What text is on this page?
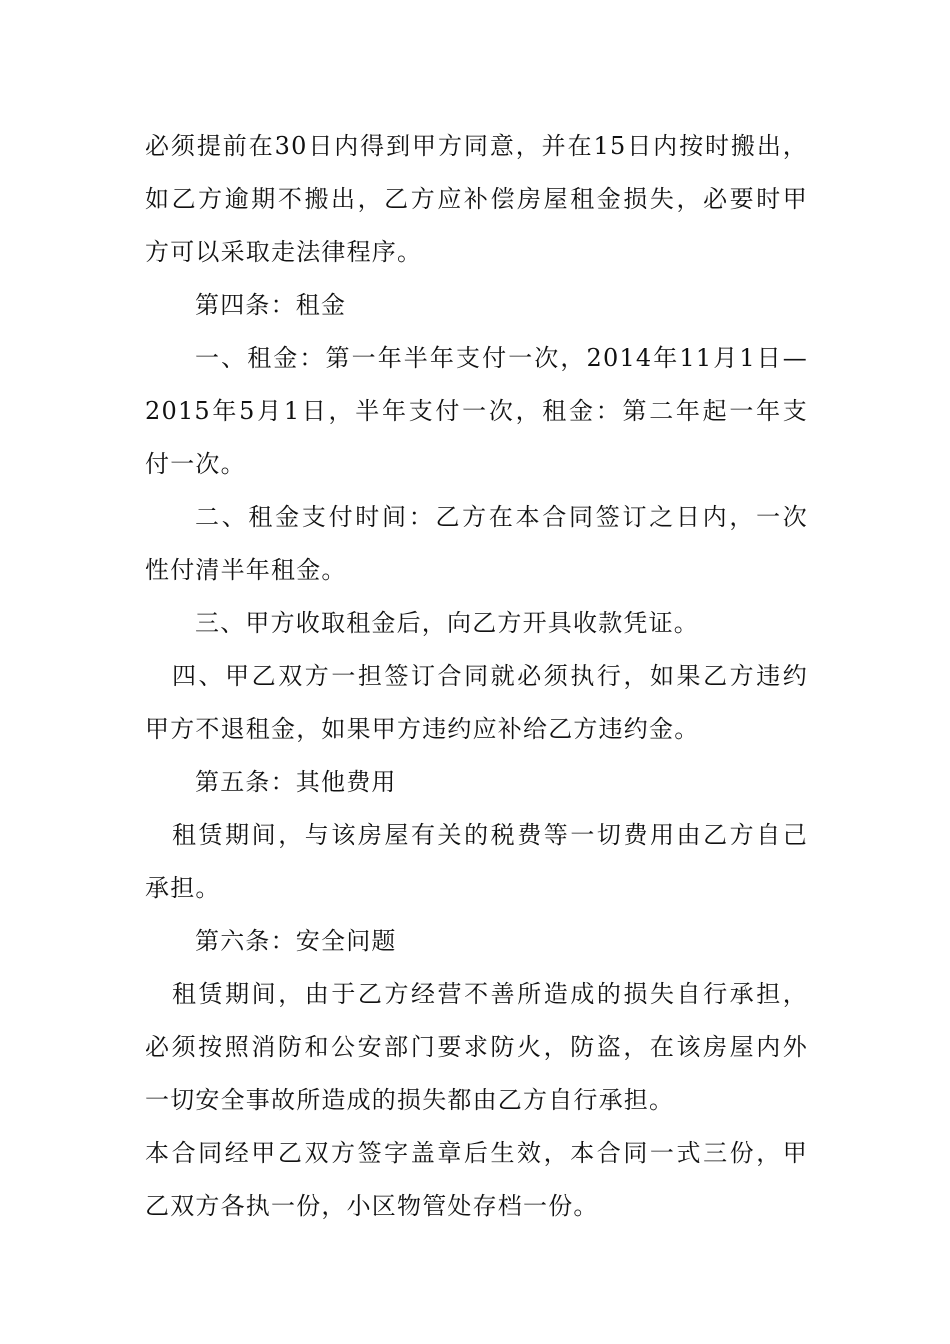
必须提前在30日内得到甲方同意，并在15日内按时搬出，
如乙方逾期不搬出，乙方应补偿房屋租金损失，必要时甲
方可以采取走法律程序。
第四条：租金
一、租金：第一年半年支付一次，2014年11月1日—
2015年5月1日，半年支付一次，租金：第二年起一年支
付一次。
二、租金支付时间：乙方在本合同签订之日内，一次
性付清半年租金。
三、甲方收取租金后，向乙方开具收款凭证。
四、甲乙双方一担签订合同就必须执行，如果乙方违约
甲方不退租金，如果甲方违约应补给乙方违约金。
第五条：其他费用
租赁期间，与该房屋有关的税费等一切费用由乙方自己
承担。
第六条：安全问题
租赁期间，由于乙方经营不善所造成的损失自行承担，
必须按照消防和公安部门要求防火，防盗，在该房屋内外
一切安全事故所造成的损失都由乙方自行承担。
本合同经甲乙双方签字盖章后生效，本合同一式三份，甲
乙双方各执一份，小区物管处存档一份。
